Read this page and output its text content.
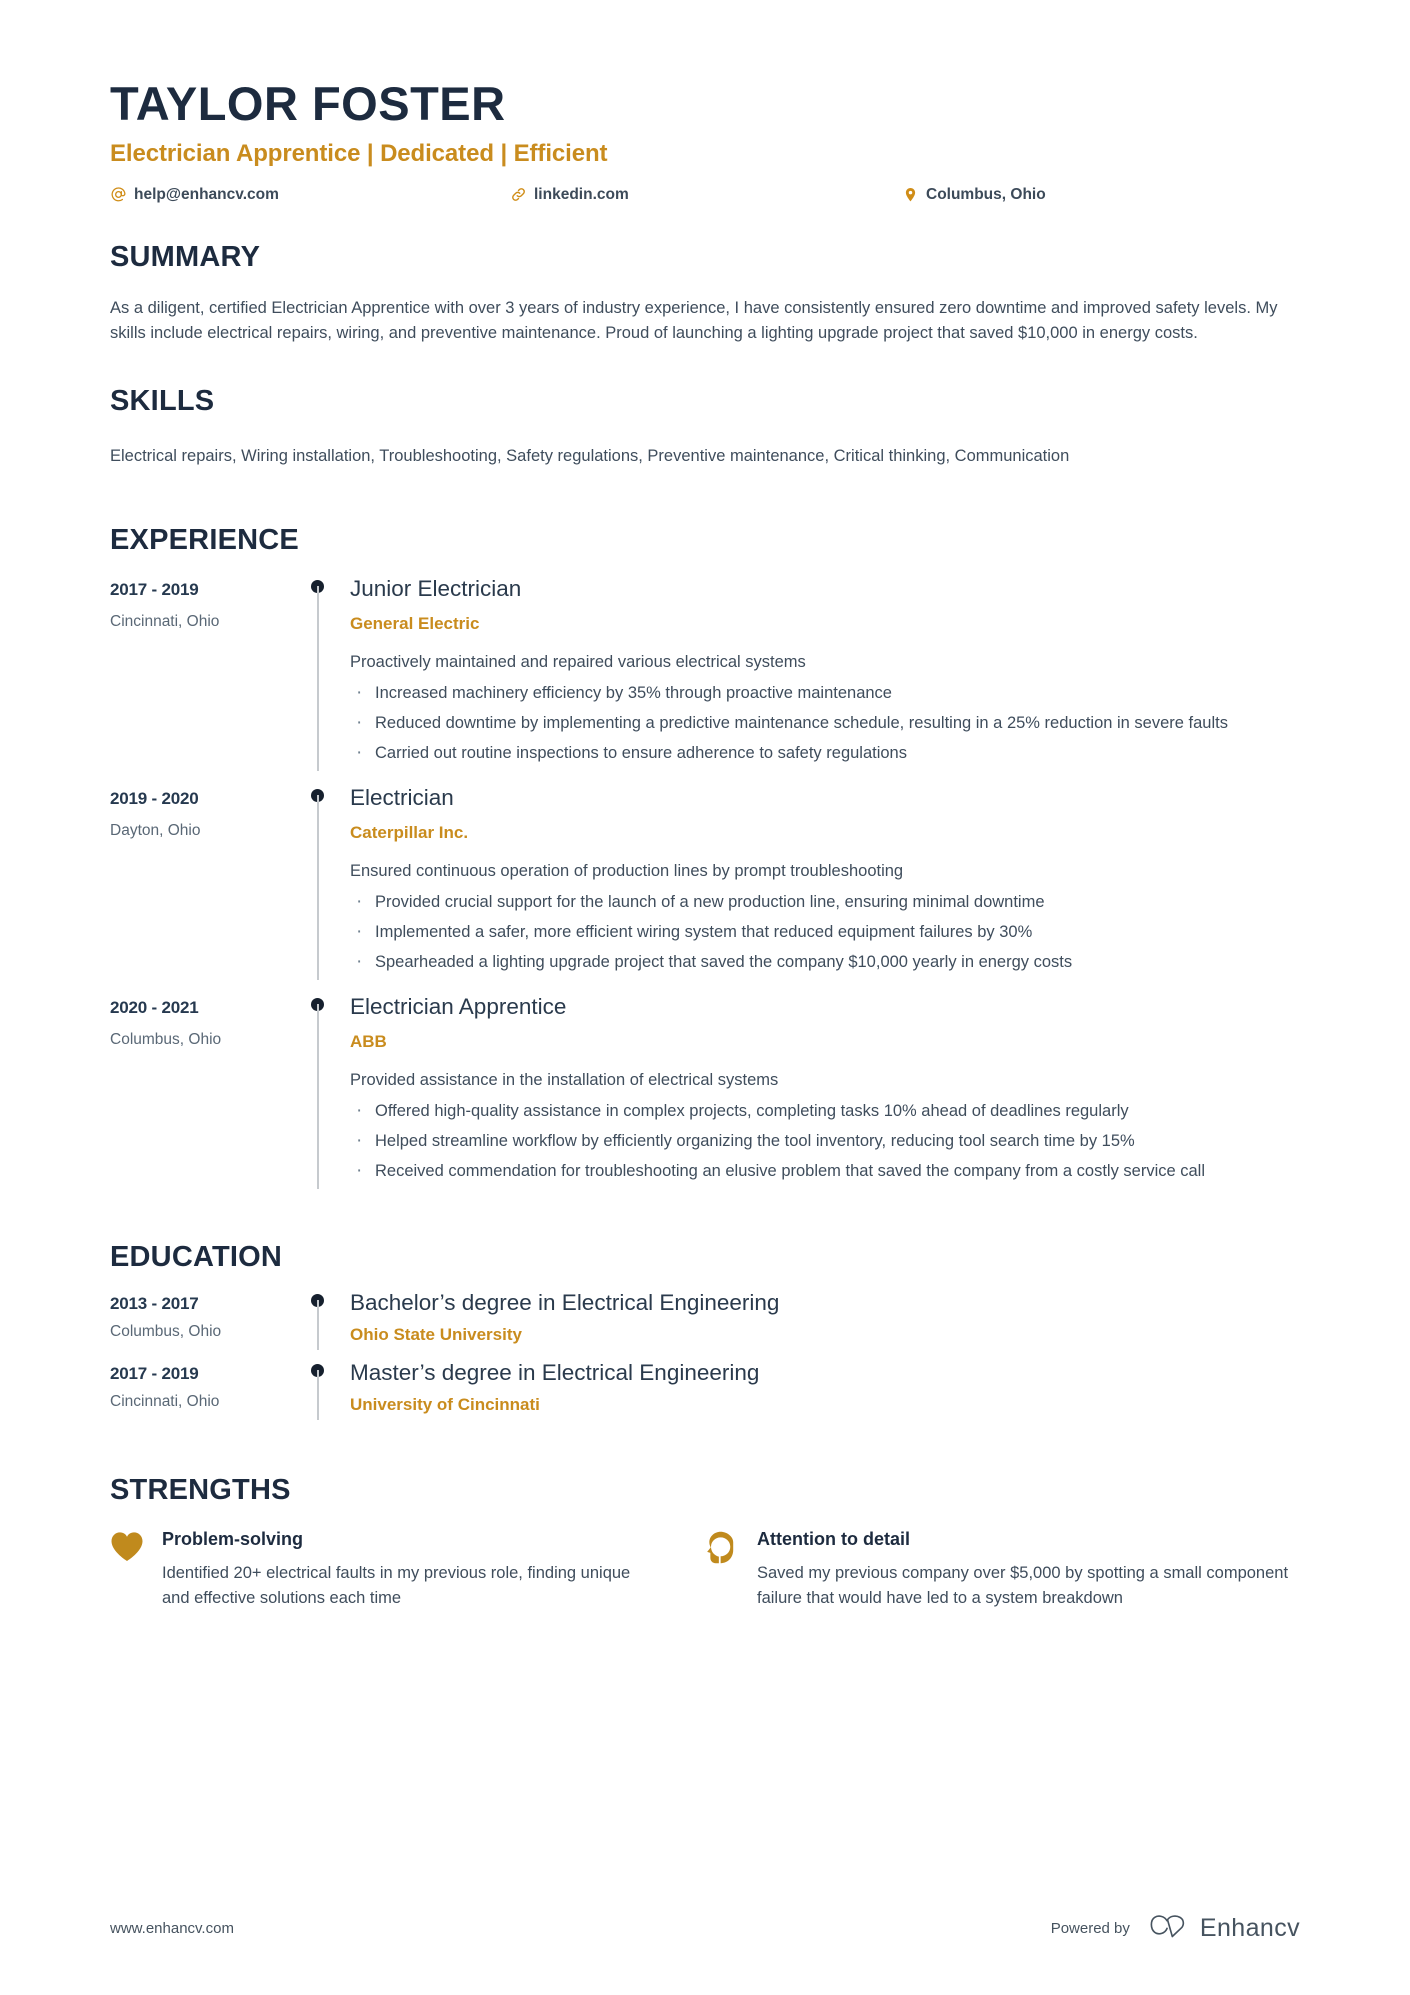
TAYLOR FOSTER
Electrician Apprentice | Dedicated | Efficient
help@enhancv.com	linkedin.com	Columbus, Ohio
SUMMARY
As a diligent, certified Electrician Apprentice with over 3 years of industry experience, I have consistently ensured zero downtime and improved safety levels. My skills include electrical repairs, wiring, and preventive maintenance. Proud of launching a lighting upgrade project that saved $10,000 in energy costs.
SKILLS
Electrical repairs, Wiring installation, Troubleshooting, Safety regulations, Preventive maintenance, Critical thinking, Communication
EXPERIENCE
2017 - 2019
Cincinnati, Ohio
Junior Electrician
General Electric
Proactively maintained and repaired various electrical systems
· Increased machinery efficiency by 35% through proactive maintenance
· Reduced downtime by implementing a predictive maintenance schedule, resulting in a 25% reduction in severe faults
· Carried out routine inspections to ensure adherence to safety regulations
2019 - 2020
Dayton, Ohio
Electrician
Caterpillar Inc.
Ensured continuous operation of production lines by prompt troubleshooting
· Provided crucial support for the launch of a new production line, ensuring minimal downtime
· Implemented a safer, more efficient wiring system that reduced equipment failures by 30%
· Spearheaded a lighting upgrade project that saved the company $10,000 yearly in energy costs
2020 - 2021
Columbus, Ohio
Electrician Apprentice
ABB
Provided assistance in the installation of electrical systems
· Offered high-quality assistance in complex projects, completing tasks 10% ahead of deadlines regularly
· Helped streamline workflow by efficiently organizing the tool inventory, reducing tool search time by 15%
· Received commendation for troubleshooting an elusive problem that saved the company from a costly service call
EDUCATION
2013 - 2017
Columbus, Ohio
Bachelor’s degree in Electrical Engineering
Ohio State University
2017 - 2019
Cincinnati, Ohio
Master’s degree in Electrical Engineering
University of Cincinnati
STRENGTHS
Problem-solving
Identified 20+ electrical faults in my previous role, finding unique and effective solutions each time
Attention to detail
Saved my previous company over $5,000 by spotting a small component failure that would have led to a system breakdown
www.enhancv.com	Powered by	Enhancv
